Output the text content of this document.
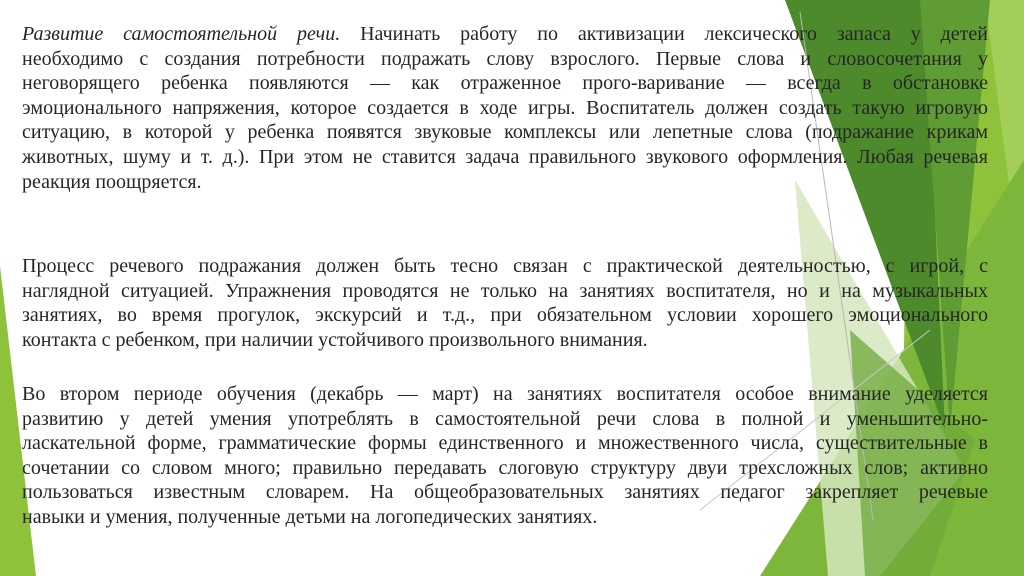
Развитие самостоятельной речи. Начинать работу по активизации лексического запаса у детей
необходимо с создания потребности подражать слову взрослого. Первые слова и словосочетания у
неговорящего ребенка появляются — как отраженное прого-варивание — всегда в обстановке
эмоционального напряжения, которое создается в ходе игры. Воспитатель должен создать такую игровую
ситуацию, в которой у ребенка появятся звуковые комплексы или лепетные слова (подражание крикам
животных, шуму и т. д.). При этом не ставится задача правильного звукового оформления. Любая речевая
реакция поощряется.
Процесс речевого подражания должен быть тесно связан с практической деятельностью, с игрой, с
наглядной ситуацией. Упражнения проводятся не только на занятиях воспитателя, но и на музыкальных
занятиях, во время прогулок, экскурсий и т.д., при обязательном условии хорошего эмоционального
контакта с ребенком, при наличии устойчивого произвольного внимания.
Во втором периоде обучения (декабрь — март) на занятиях воспитателя особое внимание уделяется
развитию у детей умения употреблять в самостоятельной речи слова в полной и уменьшительно-
ласкательной форме, грамматические формы единственного и множественного числа, существительные в
сочетании со словом много; правильно передавать слоговую структуру двуи трехсложных слов; активно
пользоваться известным словарем. На общеобразовательных занятиях педагог закрепляет речевые
навыки и умения, полученные детьми на логопедических занятиях.
